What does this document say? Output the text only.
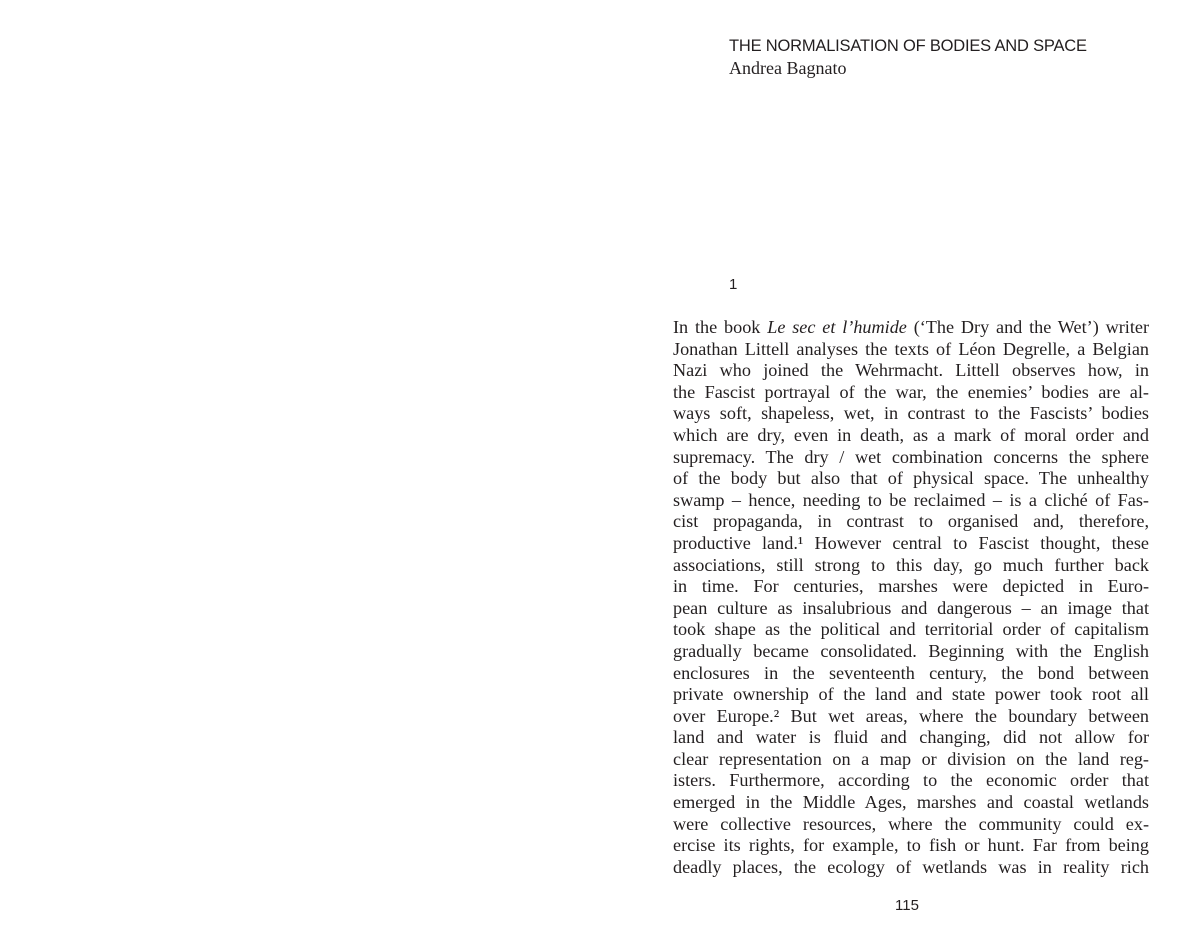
THE NORMALISATION OF BODIES AND SPACE
Andrea Bagnato
1
In the book Le sec et l’humide (‘The Dry and the Wet’) writer
Jonathan Littell analyses the texts of Léon Degrelle, a Belgian
Nazi who joined the Wehrmacht. Littell observes how, in
the Fascist portrayal of the war, the enemies’ bodies are al-
ways soft, shapeless, wet, in contrast to the Fascists’ bodies
which are dry, even in death, as a mark of moral order and
supremacy. The dry / wet combination concerns the sphere
of the body but also that of physical space. The unhealthy
swamp – hence, needing to be reclaimed – is a cliché of Fas-
cist propaganda, in contrast to organised and, therefore,
productive land.¹ However central to Fascist thought, these
associations, still strong to this day, go much further back
in time. For centuries, marshes were depicted in Euro-
pean culture as insalubrious and dangerous – an image that
took shape as the political and territorial order of capitalism
gradually became consolidated. Beginning with the English
enclosures in the seventeenth century, the bond between
private ownership of the land and state power took root all
over Europe.² But wet areas, where the boundary between
land and water is fluid and changing, did not allow for
clear representation on a map or division on the land reg-
isters. Furthermore, according to the economic order that
emerged in the Middle Ages, marshes and coastal wetlands
were collective resources, where the community could ex-
ercise its rights, for example, to fish or hunt. Far from being
deadly places, the ecology of wetlands was in reality rich
115
